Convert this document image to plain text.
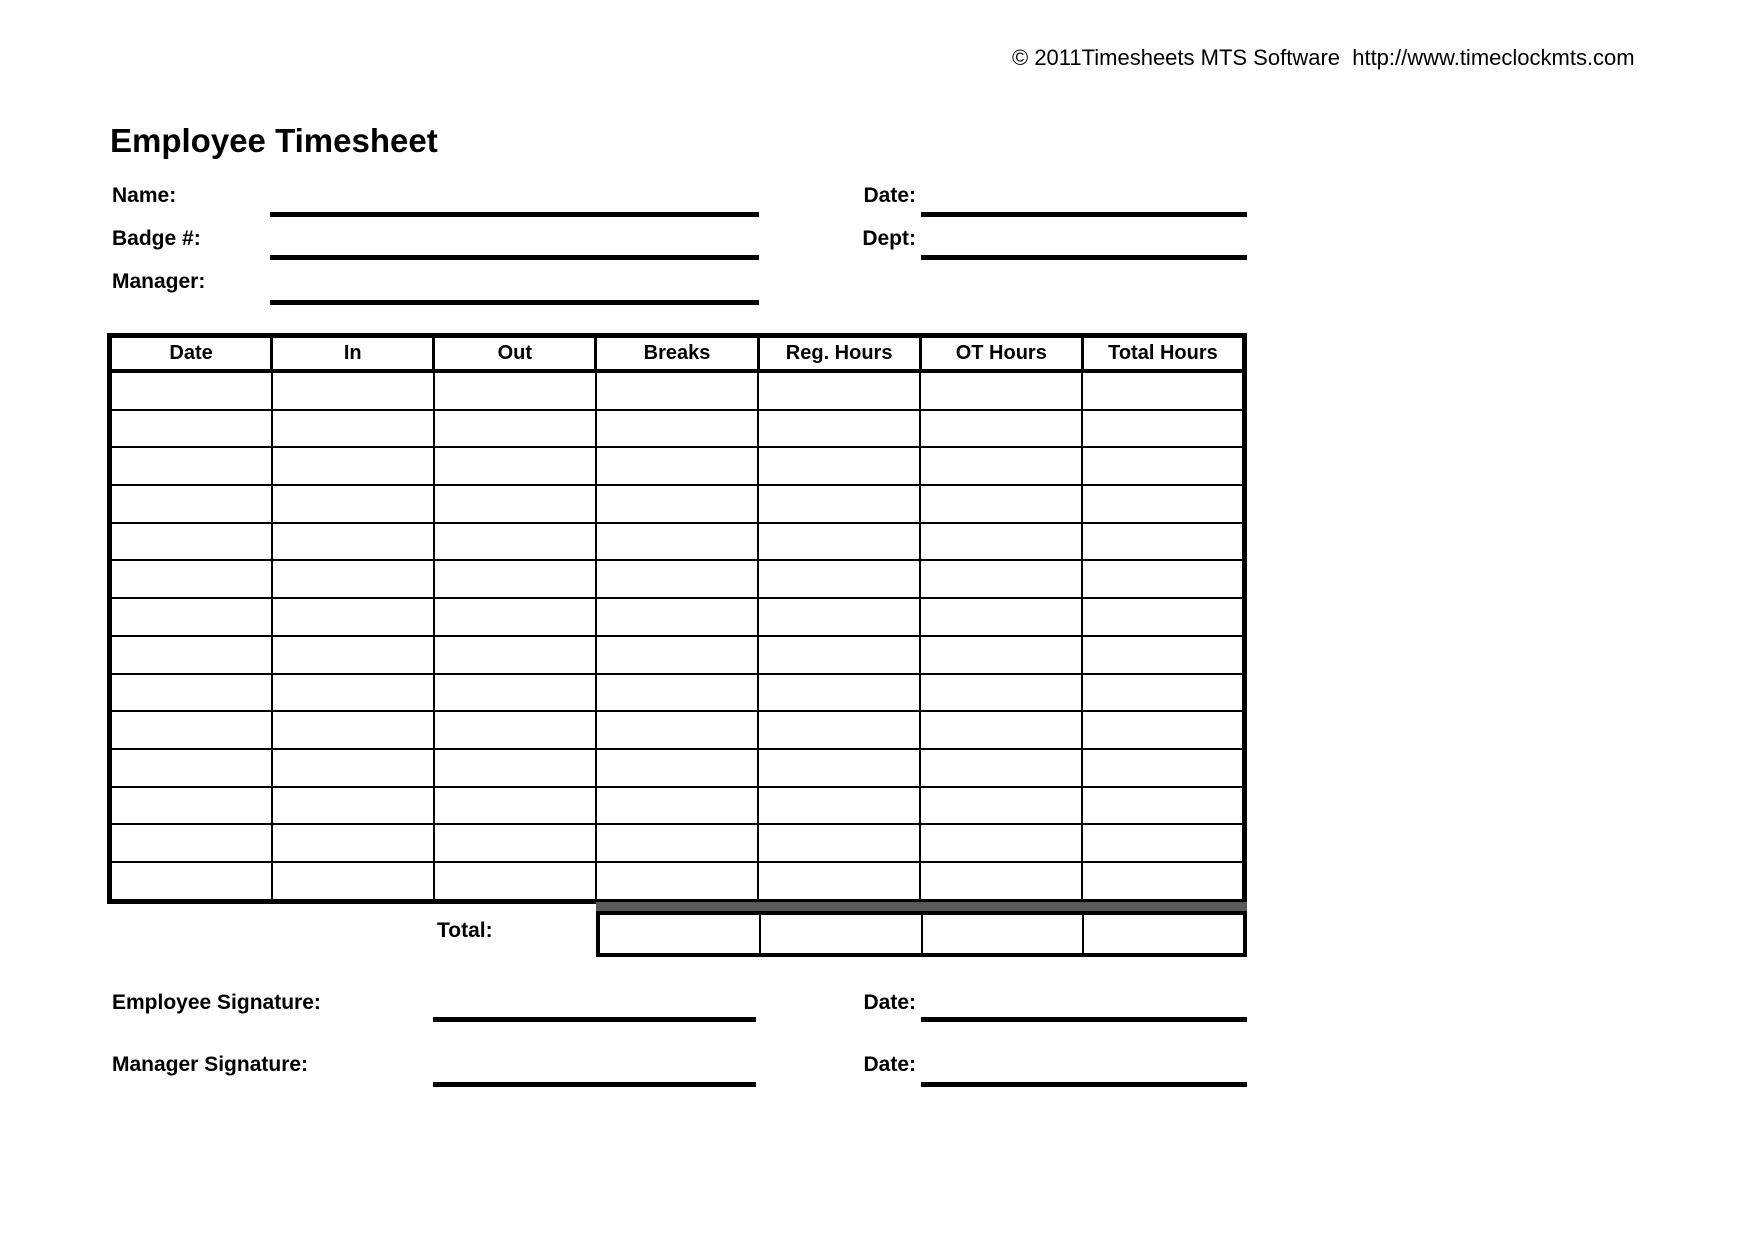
© 2011Timesheets MTS Software  http://www.timeclockmts.com
Employee Timesheet
Name:
Badge #:
Manager:
Date:
Dept:
Date	In	Out	Breaks	Reg. Hours	OT Hours	Total Hours

Total:
Employee Signature:	Date:
Manager Signature:	Date:
